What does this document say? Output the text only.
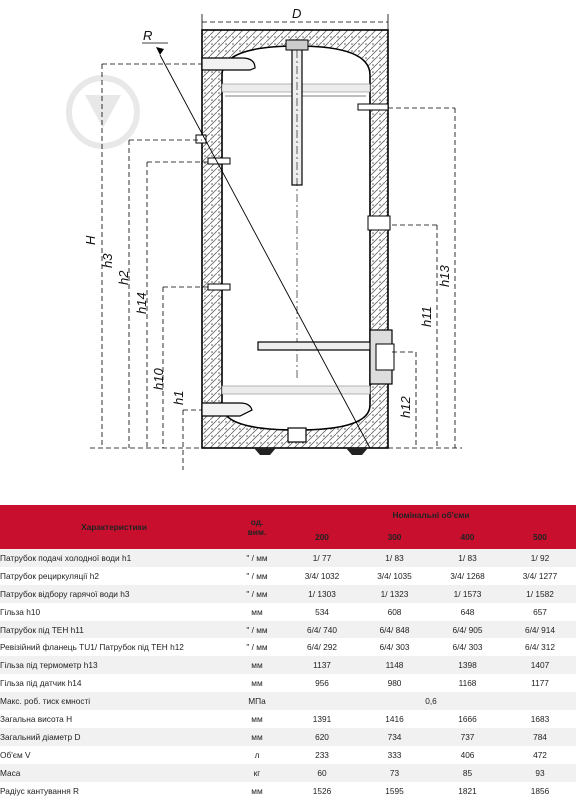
D
R
H
h3
h2
h14
h10
h1
h13
h11
h12
Характеристики	од.
вим.	Номінальні об'єми			
		200	300	400	500
Патрубок подачі холодної води h1	" / мм	1/ 77	1/ 83	1/ 83	1/ 92
Патрубок рециркуляції h2	" / мм	3/4/ 1032	3/4/ 1035	3/4/ 1268	3/4/ 1277
Патрубок відбору гарячої води h3	" / мм	1/ 1303	1/ 1323	1/ 1573	1/ 1582
Гільза h10	мм	534	608	648	657
Патрубок під ТЕН h11	" / мм	6/4/ 740	6/4/ 848	6/4/ 905	6/4/ 914
Ревізійний фланець TU1/ Патрубок під ТЕН h12	" / мм	6/4/ 292	6/4/ 303	6/4/ 303	6/4/ 312
Гільза під термометр h13	мм	1137	1148	1398	1407
Гільза під датчик h14	мм	956	980	1168	1177
Макс. роб. тиск ємності	МПа	0,6			
Загальна висота H	мм	1391	1416	1666	1683
Загальний діаметр D	мм	620	734	737	784
Об'єм V	л	233	333	406	472
Маса	кг	60	73	85	93
Радіус кантування R	мм	1526	1595	1821	1856
